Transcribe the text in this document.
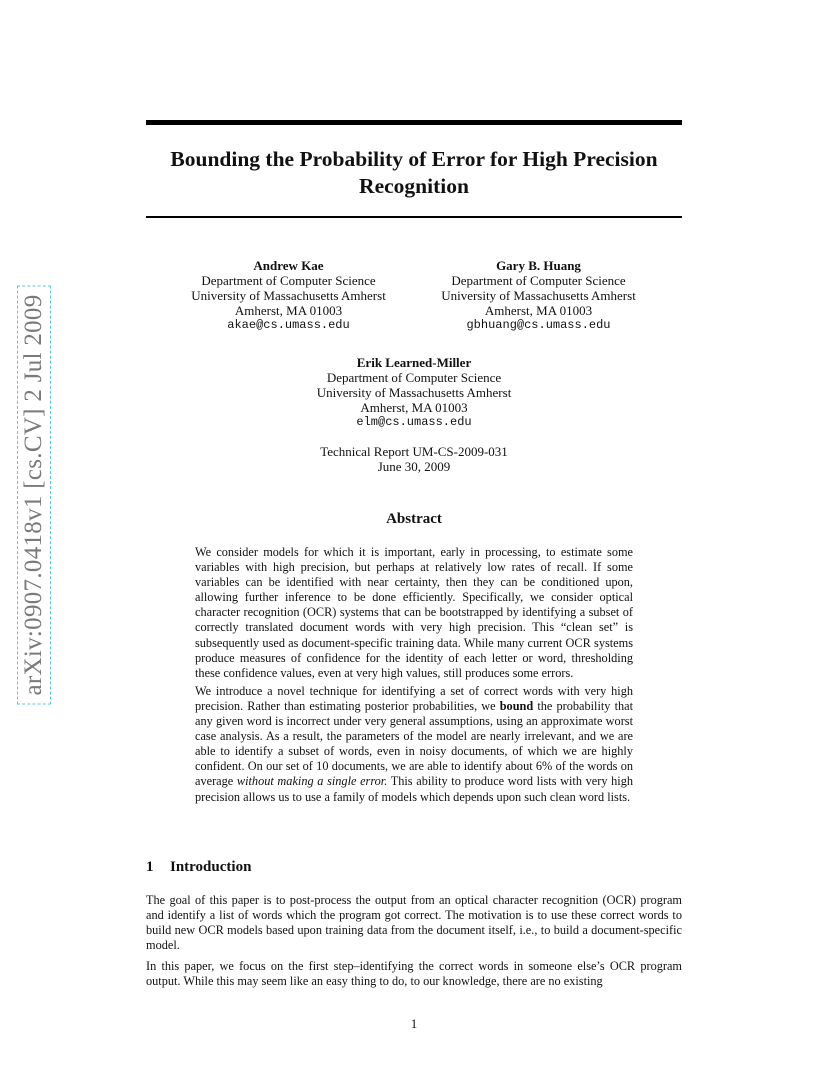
arXiv:0907.0418v1 [cs.CV] 2 Jul 2009
Bounding the Probability of Error for High Precision Recognition
Andrew Kae
Department of Computer Science
University of Massachusetts Amherst
Amherst, MA 01003
akae@cs.umass.edu
Gary B. Huang
Department of Computer Science
University of Massachusetts Amherst
Amherst, MA 01003
gbhuang@cs.umass.edu
Erik Learned-Miller
Department of Computer Science
University of Massachusetts Amherst
Amherst, MA 01003
elm@cs.umass.edu
Technical Report UM-CS-2009-031
June 30, 2009
Abstract

We consider models for which it is important, early in processing, to estimate some variables with high precision, but perhaps at relatively low rates of recall. If some variables can be identified with near certainty, then they can be conditioned upon, allowing further inference to be done efficiently. Specifically, we consider optical character recognition (OCR) systems that can be bootstrapped by identifying a subset of correctly translated document words with very high precision. This “clean set” is subsequently used as document-specific training data. While many current OCR systems produce measures of confidence for the identity of each letter or word, thresholding these confidence values, even at very high values, still produces some errors.

We introduce a novel technique for identifying a set of correct words with very high precision. Rather than estimating posterior probabilities, we bound the probability that any given word is incorrect under very general assumptions, using an approximate worst case analysis. As a result, the parameters of the model are nearly irrelevant, and we are able to identify a subset of words, even in noisy documents, of which we are highly confident. On our set of 10 documents, we are able to identify about 6% of the words on average without making a single error. This ability to produce word lists with very high precision allows us to use a family of models which depends upon such clean word lists.

1 Introduction

The goal of this paper is to post-process the output from an optical character recognition (OCR) program and identify a list of words which the program got correct. The motivation is to use these correct words to build new OCR models based upon training data from the document itself, i.e., to build a document-specific model.

In this paper, we focus on the first step–identifying the correct words in someone else’s OCR program output. While this may seem like an easy thing to do, to our knowledge, there are no existing

1
